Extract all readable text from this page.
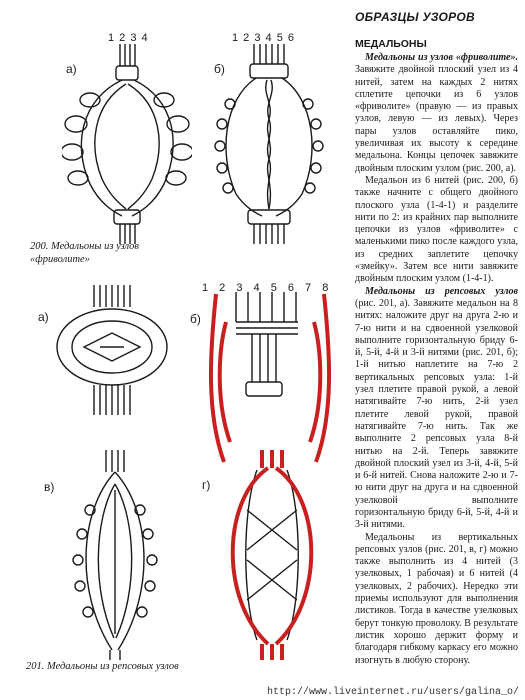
1 2 3 4
а)
1 2 3 4 5 6
б)
200. Медальоны из узлов «фриволите»
а)	б)
1 2 3 4 5 6 7 8
в)	г)
201. Медальоны из репсовых узлов
ОБРАЗЦЫ УЗОРОВ
МЕДАЛЬОНЫ

Медальоны из узлов «фриволите». Завяжите двойной плоский узел из 4 нитей, затем на каждых 2 нитях сплетите цепочки из 6 узлов «фриволите» (правую — из правых узлов, левую — из левых). Через пары узлов оставляйте пико, увеличивая их высоту к середине медальона. Концы цепочек завяжите двойным плоским узлом (рис. 200, а).

Медальон из 6 нитей (рис. 200, б) также начните с общего двойного плоского узла (1-4-1) и разделите нити по 2: из крайних пар выполните цепочки из узлов «фриволите» с маленькими пико после каждого узла, из средних заплетите цепочку «змейку». Затем все нити завяжите двойным плоским узлом (1-4-1).

Медальоны из репсовых узлов (рис. 201, а). Завяжите медальон на 8 нитях: наложите друг на друга 2-ю и 7-ю нити и на сдвоенной узелковой выполните горизонтальную бриду 6-й, 5-й, 4-й и 3-й нитями (рис. 201, б); 1-й нитью наплетите на 7-ю 2 вертикальных репсовых узла: 1-й узел плетите правой рукой, а левой натягивайте 7-ю нить, 2-й узел плетите левой рукой, правой натягивайте 7-ю нить. Так же выполните 2 репсовых узла 8-й нитью на 2-й. Теперь завяжите двойной плоский узел из 3-й, 4-й, 5-й и 6-й нитей. Снова наложите 2-ю и 7-ю нити друг на друга и на сдвоенной узелковой выполните горизонтальную бриду 6-й, 5-й, 4-й и 3-й нитями.

Медальоны из вертикальных репсовых узлов (рис. 201, в, г) можно также выполнить из 4 нитей (3 узелковых, 1 рабочая) и 6 нитей (4 узелковых, 2 рабочих). Нередко эти приемы используют для выполнения листиков. Тогда в качестве узелковых берут тонкую проволоку. В результате листик хорошо держит форму и благодаря гибкому каркасу его можно изогнуть в любую сторону.

http://www.liveinternet.ru/users/galina_o/
